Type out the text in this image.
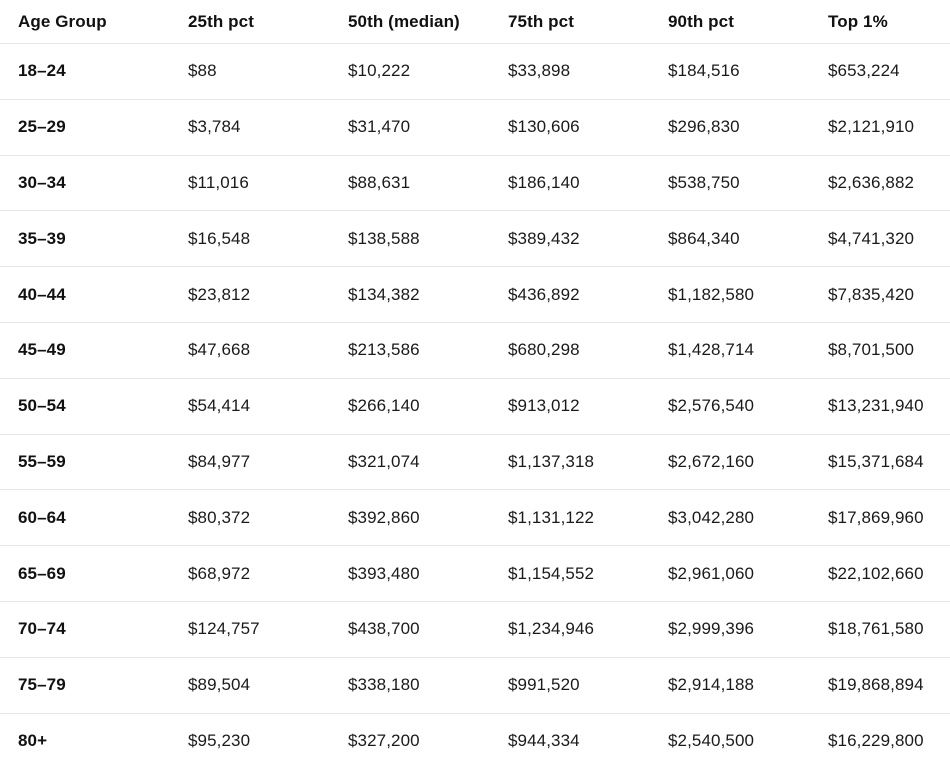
Age Group	25th pct	50th (median)	75th pct	90th pct	Top 1%
18–24	$88	$10,222	$33,898	$184,516	$653,224
25–29	$3,784	$31,470	$130,606	$296,830	$2,121,910
30–34	$11,016	$88,631	$186,140	$538,750	$2,636,882
35–39	$16,548	$138,588	$389,432	$864,340	$4,741,320
40–44	$23,812	$134,382	$436,892	$1,182,580	$7,835,420
45–49	$47,668	$213,586	$680,298	$1,428,714	$8,701,500
50–54	$54,414	$266,140	$913,012	$2,576,540	$13,231,940
55–59	$84,977	$321,074	$1,137,318	$2,672,160	$15,371,684
60–64	$80,372	$392,860	$1,131,122	$3,042,280	$17,869,960
65–69	$68,972	$393,480	$1,154,552	$2,961,060	$22,102,660
70–74	$124,757	$438,700	$1,234,946	$2,999,396	$18,761,580
75–79	$89,504	$338,180	$991,520	$2,914,188	$19,868,894
80+	$95,230	$327,200	$944,334	$2,540,500	$16,229,800
